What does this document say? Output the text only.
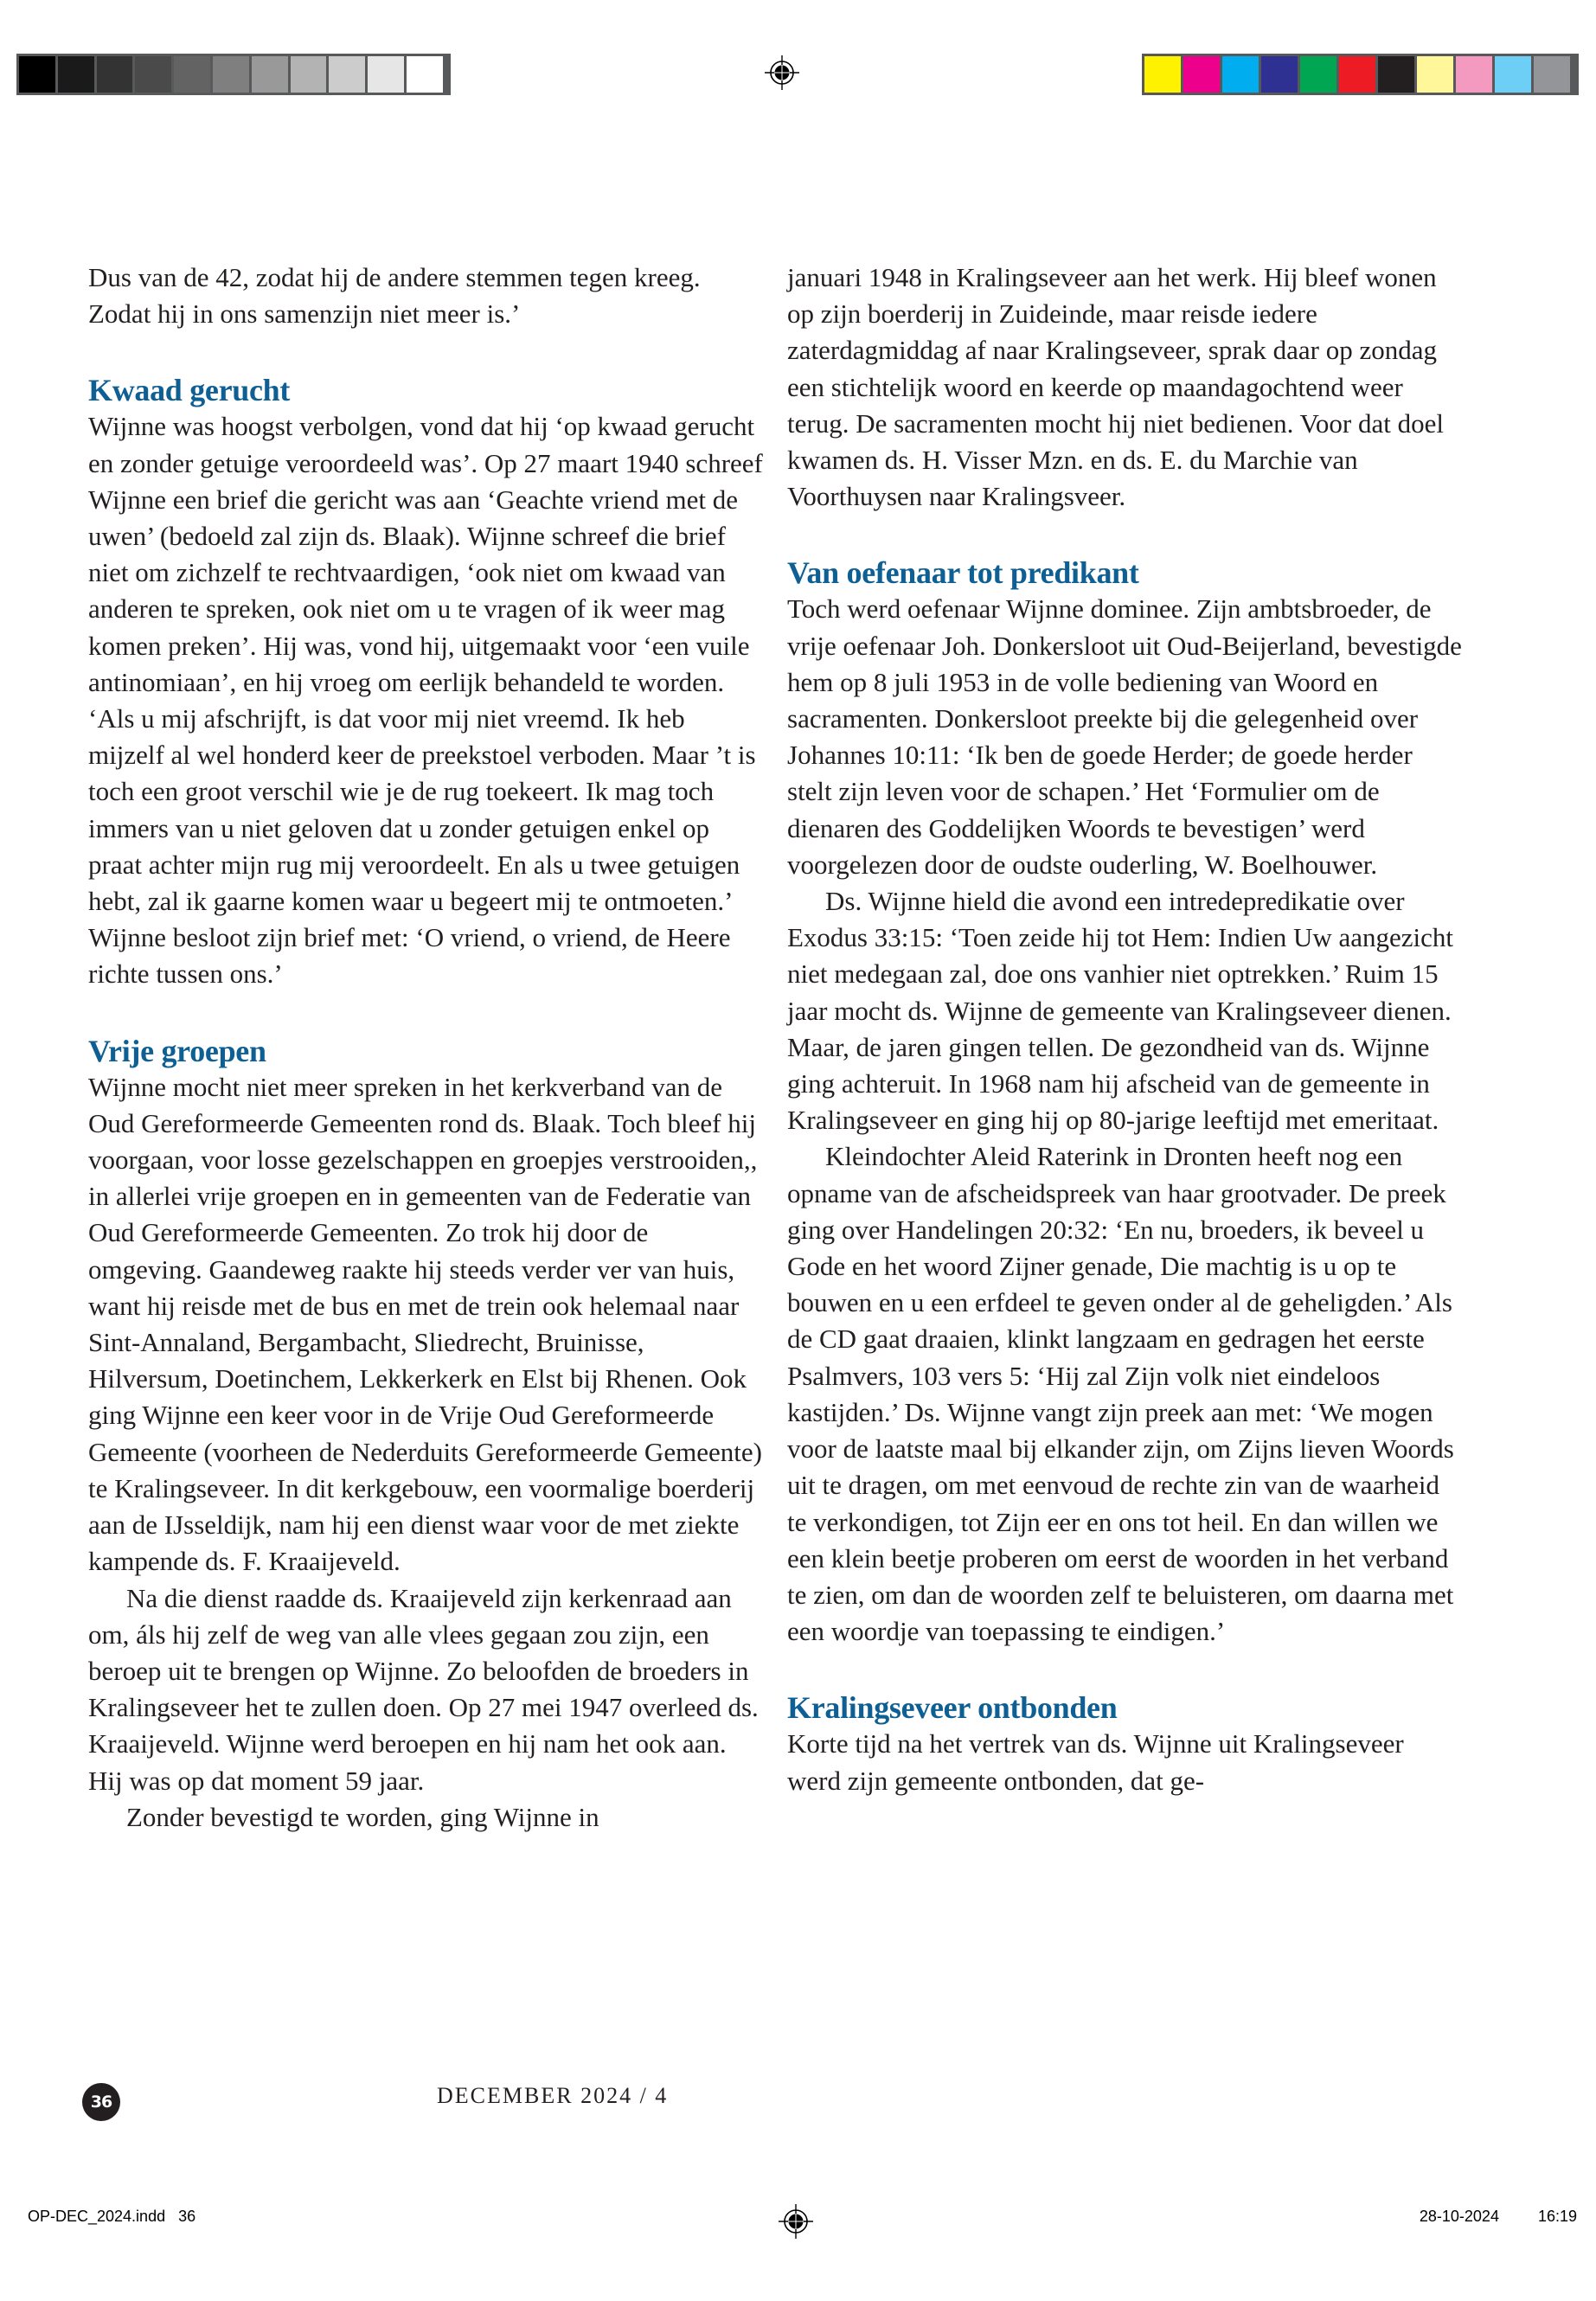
Dus van de 42, zodat hij de andere stemmen tegen kreeg. Zodat hij in ons samenzijn niet meer is.’

Kwaad gerucht

Wijnne was hoogst verbolgen, vond dat hij ‘op kwaad gerucht en zonder getuige veroordeeld was’. Op 27 maart 1940 schreef Wijnne een brief die gericht was aan ‘Geachte vriend met de uwen’ (bedoeld zal zijn ds. Blaak). Wijnne schreef die brief niet om zichzelf te rechtvaardigen, ‘ook niet om kwaad van anderen te spreken, ook niet om u te vragen of ik weer mag komen preken’. Hij was, vond hij, uitgemaakt voor ‘een vuile antinomiaan’, en hij vroeg om eerlijk behandeld te worden. ‘Als u mij afschrijft, is dat voor mij niet vreemd. Ik heb mijzelf al wel honderd keer de preekstoel verboden. Maar ’t is toch een groot verschil wie je de rug toekeert. Ik mag toch immers van u niet geloven dat u zonder getuigen enkel op praat achter mijn rug mij veroordeelt. En als u twee getuigen hebt, zal ik gaarne komen waar u begeert mij te ontmoeten.’ Wijnne besloot zijn brief met: ‘O vriend, o vriend, de Heere richte tussen ons.’

Vrije groepen

Wijnne mocht niet meer spreken in het kerkverband van de Oud Gereformeerde Gemeenten rond ds. Blaak. Toch bleef hij voorgaan, voor losse gezelschappen en groepjes verstrooiden,, in allerlei vrije groepen en in gemeenten van de Federatie van Oud Gereformeerde Gemeenten. Zo trok hij door de omgeving. Gaandeweg raakte hij steeds verder ver van huis, want hij reisde met de bus en met de trein ook helemaal naar Sint-Annaland, Bergambacht, Sliedrecht, Bruinisse, Hilversum, Doetinchem, Lekkerkerk en Elst bij Rhenen. Ook ging Wijnne een keer voor in de Vrije Oud Gereformeerde Gemeente (voorheen de Nederduits Gereformeerde Gemeente) te Kralingseveer. In dit kerkgebouw, een voormalige boerderij aan de IJsseldijk, nam hij een dienst waar voor de met ziekte kampende ds. F. Kraaijeveld.

Na die dienst raadde ds. Kraaijeveld zijn kerkenraad aan om, áls hij zelf de weg van alle vlees gegaan zou zijn, een beroep uit te brengen op Wijnne. Zo beloofden de broeders in Kralingseveer het te zullen doen. Op 27 mei 1947 overleed ds. Kraaijeveld. Wijnne werd beroepen en hij nam het ook aan. Hij was op dat moment 59 jaar.

Zonder bevestigd te worden, ging Wijnne in

januari 1948 in Kralingseveer aan het werk. Hij bleef wonen op zijn boerderij in Zuideinde, maar reisde iedere zaterdagmiddag af naar Kralingseveer, sprak daar op zondag een stichtelijk woord en keerde op maandagochtend weer terug. De sacramenten mocht hij niet bedienen. Voor dat doel kwamen ds. H. Visser Mzn. en ds. E. du Marchie van Voorthuysen naar Kralingsveer.

Van oefenaar tot predikant

Toch werd oefenaar Wijnne dominee. Zijn ambtsbroeder, de vrije oefenaar Joh. Donkersloot uit Oud-Beijerland, bevestigde hem op 8 juli 1953 in de volle bediening van Woord en sacramenten. Donkersloot preekte bij die gelegenheid over Johannes 10:11: ‘Ik ben de goede Herder; de goede herder stelt zijn leven voor de schapen.’ Het ‘Formulier om de dienaren des Goddelijken Woords te bevestigen’ werd voorgelezen door de oudste ouderling, W. Boelhouwer.

Ds. Wijnne hield die avond een intredepredikatie over Exodus 33:15: ‘Toen zeide hij tot Hem: Indien Uw aangezicht niet medegaan zal, doe ons vanhier niet optrekken.’ Ruim 15 jaar mocht ds. Wijnne de gemeente van Kralingseveer dienen. Maar, de jaren gingen tellen. De gezondheid van ds. Wijnne ging achteruit. In 1968 nam hij afscheid van de gemeente in Kralingseveer en ging hij op 80-jarige leeftijd met emeritaat.

Kleindochter Aleid Raterink in Dronten heeft nog een opname van de afscheidspreek van haar grootvader. De preek ging over Handelingen 20:32: ‘En nu, broeders, ik beveel u Gode en het woord Zijner genade, Die machtig is u op te bouwen en u een erfdeel te geven onder al de geheligden.’ Als de CD gaat draaien, klinkt langzaam en gedragen het eerste Psalmvers, 103 vers 5: ‘Hij zal Zijn volk niet eindeloos kastijden.’ Ds. Wijnne vangt zijn preek aan met: ‘We mogen voor de laatste maal bij elkander zijn, om Zijns lieven Woords uit te dragen, om met eenvoud de rechte zin van de waarheid te verkondigen, tot Zijn eer en ons tot heil. En dan willen we een klein beetje proberen om eerst de woorden in het verband te zien, om dan de woorden zelf te beluisteren, om daarna met een woordje van toepassing te eindigen.’

Kralingseveer ontbonden

Korte tijd na het vertrek van ds. Wijnne uit Kralingseveer werd zijn gemeente ontbonden, dat ge-

36	DECEMBER 2024 / 4
OP-DEC_2024.indd   36	28-10-2024   16:19
